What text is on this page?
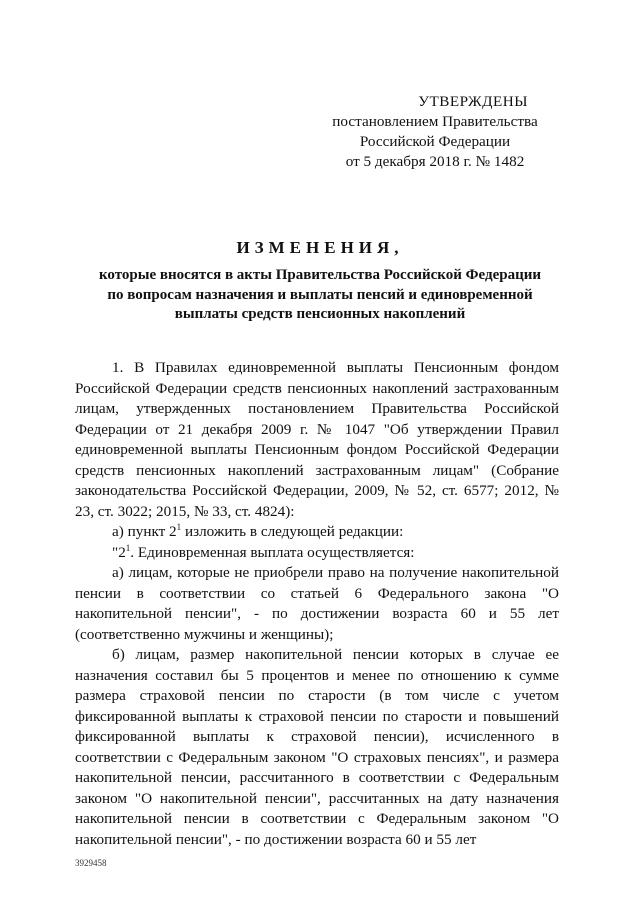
УТВЕРЖДЕНЫ
постановлением Правительства
Российской Федерации
от 5 декабря 2018 г. № 1482
ИЗМЕНЕНИЯ,
которые вносятся в акты Правительства Российской Федерации
по вопросам назначения и выплаты пенсий и единовременной
выплаты средств пенсионных накоплений

1. В Правилах единовременной выплаты Пенсионным фондом Российской Федерации средств пенсионных накоплений застрахованным лицам, утвержденных постановлением Правительства Российской Федерации от 21 декабря 2009 г. № 1047 "Об утверждении Правил единовременной выплаты Пенсионным фондом Российской Федерации средств пенсионных накоплений застрахованным лицам" (Собрание законодательства Российской Федерации, 2009, № 52, ст. 6577; 2012, № 23, ст. 3022; 2015, № 33, ст. 4824):

а) пункт $2^1$ изложить в следующей редакции:

"$2^1$. Единовременная выплата осуществляется:

а) лицам, которые не приобрели право на получение накопительной пенсии в соответствии со статьей 6 Федерального закона "О накопительной пенсии", - по достижении возраста 60 и 55 лет (соответственно мужчины и женщины);

б) лицам, размер накопительной пенсии которых в случае ее назначения составил бы 5 процентов и менее по отношению к сумме размера страховой пенсии по старости (в том числе с учетом фиксированной выплаты к страховой пенсии по старости и повышений фиксированной выплаты к страховой пенсии), исчисленного в соответствии с Федеральным законом "О страховых пенсиях", и размера накопительной пенсии, рассчитанного в соответствии с Федеральным законом "О накопительной пенсии", рассчитанных на дату назначения накопительной пенсии в соответствии с Федеральным законом "О накопительной пенсии", - по достижении возраста 60 и 55 лет

3929458
